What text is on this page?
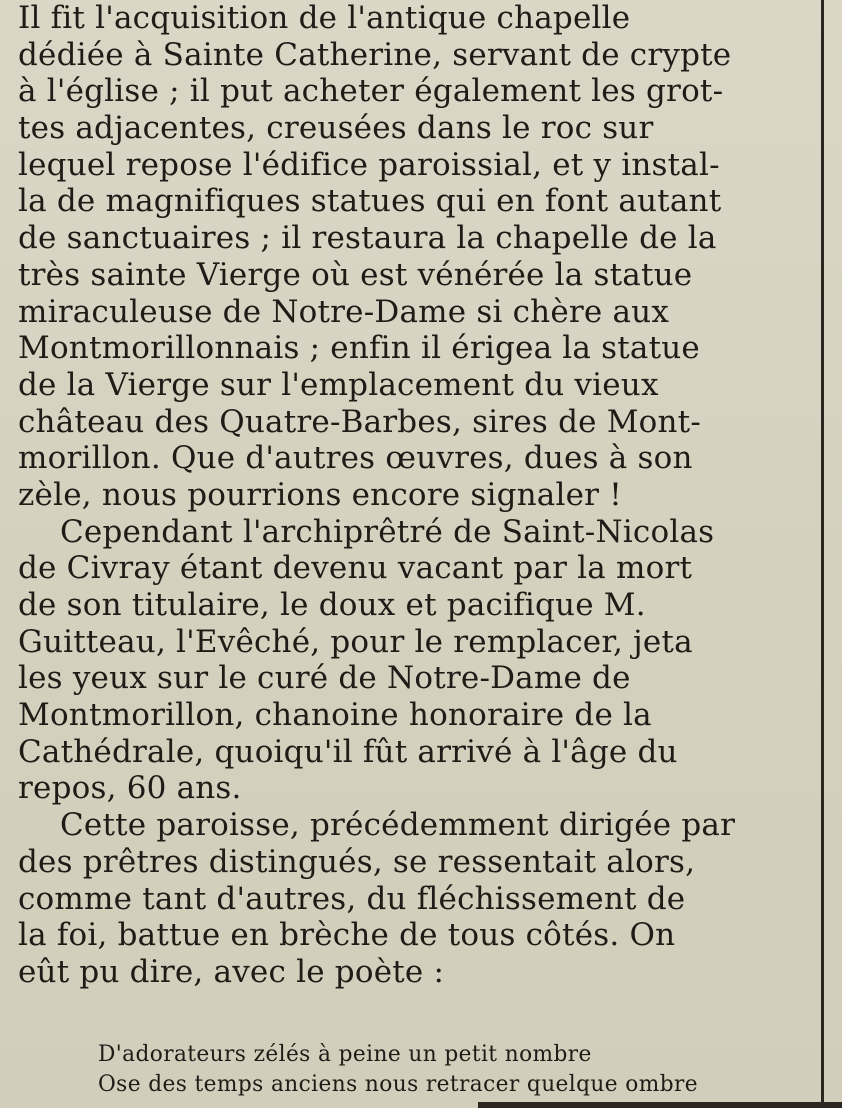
Il fit l'acquisition de l'antique chapelle
dédiée à Sainte Catherine, servant de crypte
à l'église ; il put acheter également les grot-
tes adjacentes, creusées dans le roc sur
lequel repose l'édifice paroissial, et y instal-
la de magnifiques statues qui en font autant
de sanctuaires ; il restaura la chapelle de la
très sainte Vierge où est vénérée la statue
miraculeuse de Notre-Dame si chère aux
Montmorillonnais ; enfin il érigea la statue
de la Vierge sur l'emplacement du vieux
château des Quatre-Barbes, sires de Mont-
morillon. Que d'autres œuvres, dues à son
zèle, nous pourrions encore signaler !
Cependant l'archiprêtré de Saint-Nicolas
de Civray étant devenu vacant par la mort
de son titulaire, le doux et pacifique M.
Guitteau, l'Evêché, pour le remplacer, jeta
les yeux sur le curé de Notre-Dame de
Montmorillon, chanoine honoraire de la
Cathédrale, quoiqu'il fût arrivé à l'âge du
repos, 60 ans.
Cette paroisse, précédemment dirigée par
des prêtres distingués, se ressentait alors,
comme tant d'autres, du fléchissement de
la foi, battue en brèche de tous côtés. On
eût pu dire, avec le poète :
D'adorateurs zélés à peine un petit nombre
Ose des temps anciens nous retracer quelque ombre
